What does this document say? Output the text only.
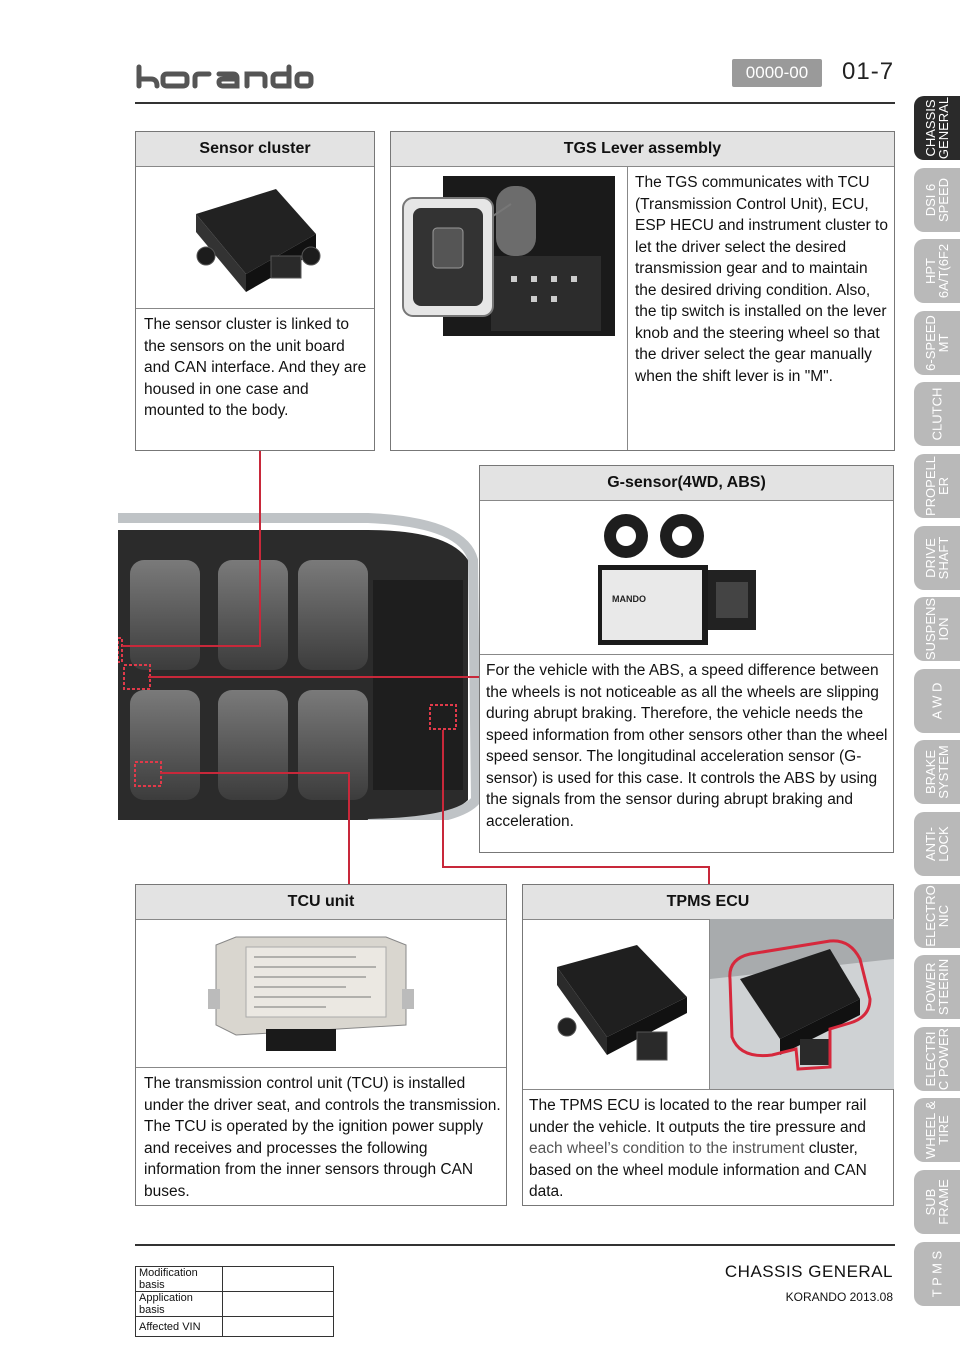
0000-00	01-7
CHASSIS
GENERAL
DSI 6
SPEED
HPT
6A/T(6F2
6-SPEED
MT
CLUTCH
PROPELL
ER
DRIVE
SHAFT
SUSPENS
ION
A W D
BRAKE
SYSTEM
ANTI-
LOCK
ELECTRO
NIC
POWER
STEERIN
ELECTRI
C POWER
WHEEL &
TIRE
SUB
FRAME
T P M S
Sensor cluster
The sensor cluster is linked to the sensors on the unit board and CAN interface. And they are housed in one case and mounted to the body.
TGS Lever assembly
The TGS communicates with TCU (Transmission Control Unit), ECU, ESP HECU and instrument cluster to let the driver select the desired transmission gear and to maintain the desired driving condition. Also, the tip switch is installed on the lever knob and the steering wheel so that the driver select the gear manually when the shift lever is in "M".
G-sensor(4WD, ABS)
MANDO
For the vehicle with the ABS, a speed difference between the wheels is not noticeable as all the wheels are slipping during abrupt braking. Therefore, the vehicle needs the speed information from other sensors other than the wheel speed sensor. The longitudinal acceleration sensor (G-sensor) is used for this case. It controls the ABS by using the signals from the sensor during abrupt braking and acceleration.
TCU unit
The transmission control unit (TCU) is installed under the driver seat, and controls the transmission. The TCU is operated by the ignition power supply and receives and processes the following information from the inner sensors through CAN buses.
TPMS ECU
The TPMS ECU is located to the rear bumper rail under the vehicle. It outputs the tire pressure and each wheel’s condition to the instrument cluster, based on the wheel module information and CAN data.
Modification basis	
Application basis	
Affected VIN	
CHASSIS GENERAL
KORANDO 2013.08
